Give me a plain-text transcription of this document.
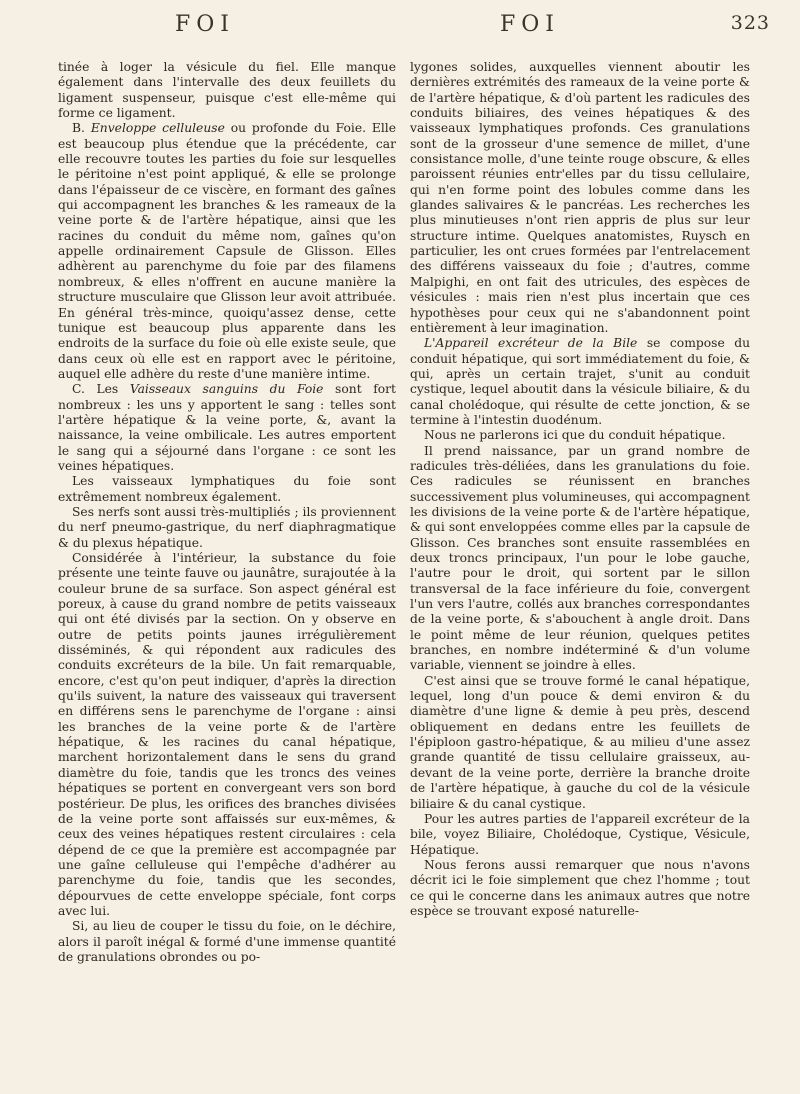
FOI	FOI	323

tinée à loger la vésicule du fiel. Elle manque également dans l'intervalle des deux feuillets du ligament suspenseur, puisque c'est elle-même qui forme ce ligament.

B. Enveloppe celluleuse ou profonde du Foie. Elle est beaucoup plus étendue que la précédente, car elle recouvre toutes les parties du foie sur lesquelles le péritoine n'est point appliqué, & elle se prolonge dans l'épaisseur de ce viscère, en formant des gaînes qui accompagnent les branches & les rameaux de la veine porte & de l'artère hépatique, ainsi que les racines du conduit du même nom, gaînes qu'on appelle ordinairement Capsule de Glisson. Elles adhèrent au parenchyme du foie par des filamens nombreux, & elles n'offrent en aucune manière la structure musculaire que Glisson leur avoit attribuée. En général très-mince, quoiqu'assez dense, cette tunique est beaucoup plus apparente dans les endroits de la surface du foie où elle existe seule, que dans ceux où elle est en rapport avec le péritoine, auquel elle adhère du reste d'une manière intime.

C. Les Vaisseaux sanguins du Foie sont fort nombreux : les uns y apportent le sang : telles sont l'artère hépatique & la veine porte, &, avant la naissance, la veine ombilicale. Les autres emportent le sang qui a séjourné dans l'organe : ce sont les veines hépatiques.

Les vaisseaux lymphatiques du foie sont extrêmement nombreux également.

Ses nerfs sont aussi très-multipliés ; ils proviennent du nerf pneumo-gastrique, du nerf diaphragmatique & du plexus hépatique.

Considérée à l'intérieur, la substance du foie présente une teinte fauve ou jaunâtre, surajoutée à la couleur brune de sa surface. Son aspect général est poreux, à cause du grand nombre de petits vaisseaux qui ont été divisés par la section. On y observe en outre de petits points jaunes irrégulièrement disséminés, & qui répondent aux radicules des conduits excréteurs de la bile. Un fait remarquable, encore, c'est qu'on peut indiquer, d'après la direction qu'ils suivent, la nature des vaisseaux qui traversent en différens sens le parenchyme de l'organe : ainsi les branches de la veine porte & de l'artère hépatique, & les racines du canal hépatique, marchent horizontalement dans le sens du grand diamètre du foie, tandis que les troncs des veines hépatiques se portent en convergeant vers son bord postérieur. De plus, les orifices des branches divisées de la veine porte sont affaissés sur eux-mêmes, & ceux des veines hépatiques restent circulaires : cela dépend de ce que la première est accompagnée par une gaîne celluleuse qui l'empêche d'adhérer au parenchyme du foie, tandis que les secondes, dépourvues de cette enveloppe spéciale, font corps avec lui.

Si, au lieu de couper le tissu du foie, on le déchire, alors il paroît inégal & formé d'une immense quantité de granulations obrondes ou po-

lygones solides, auxquelles viennent aboutir les dernières extrémités des rameaux de la veine porte & de l'artère hépatique, & d'où partent les radicules des conduits biliaires, des veines hépatiques & des vaisseaux lymphatiques profonds. Ces granulations sont de la grosseur d'une semence de millet, d'une consistance molle, d'une teinte rouge obscure, & elles paroissent réunies entr'elles par du tissu cellulaire, qui n'en forme point des lobules comme dans les glandes salivaires & le pancréas. Les recherches les plus minutieuses n'ont rien appris de plus sur leur structure intime. Quelques anatomistes, Ruysch en particulier, les ont crues formées par l'entrelacement des différens vaisseaux du foie ; d'autres, comme Malpighi, en ont fait des utricules, des espèces de vésicules : mais rien n'est plus incertain que ces hypothèses pour ceux qui ne s'abandonnent point entièrement à leur imagination.

L'Appareil excréteur de la Bile se compose du conduit hépatique, qui sort immédiatement du foie, & qui, après un certain trajet, s'unit au conduit cystique, lequel aboutit dans la vésicule biliaire, & du canal cholédoque, qui résulte de cette jonction, & se termine à l'intestin duodénum.

Nous ne parlerons ici que du conduit hépatique.

Il prend naissance, par un grand nombre de radicules très-déliées, dans les granulations du foie. Ces radicules se réunissent en branches successivement plus volumineuses, qui accompagnent les divisions de la veine porte & de l'artère hépatique, & qui sont enveloppées comme elles par la capsule de Glisson. Ces branches sont ensuite rassemblées en deux troncs principaux, l'un pour le lobe gauche, l'autre pour le droit, qui sortent par le sillon transversal de la face inférieure du foie, convergent l'un vers l'autre, collés aux branches correspondantes de la veine porte, & s'abouchent à angle droit. Dans le point même de leur réunion, quelques petites branches, en nombre indéterminé & d'un volume variable, viennent se joindre à elles.

C'est ainsi que se trouve formé le canal hépatique, lequel, long d'un pouce & demi environ & du diamètre d'une ligne & demie à peu près, descend obliquement en dedans entre les feuillets de l'épiploon gastro-hépatique, & au milieu d'une assez grande quantité de tissu cellulaire graisseux, au-devant de la veine porte, derrière la branche droite de l'artère hépatique, à gauche du col de la vésicule biliaire & du canal cystique.

Pour les autres parties de l'appareil excréteur de la bile, voyez Biliaire, Cholédoque, Cystique, Vésicule, Hépatique.

Nous ferons aussi remarquer que nous n'avons décrit ici le foie simplement que chez l'homme ; tout ce qui le concerne dans les animaux autres que notre espèce se trouvant exposé naturelle-
